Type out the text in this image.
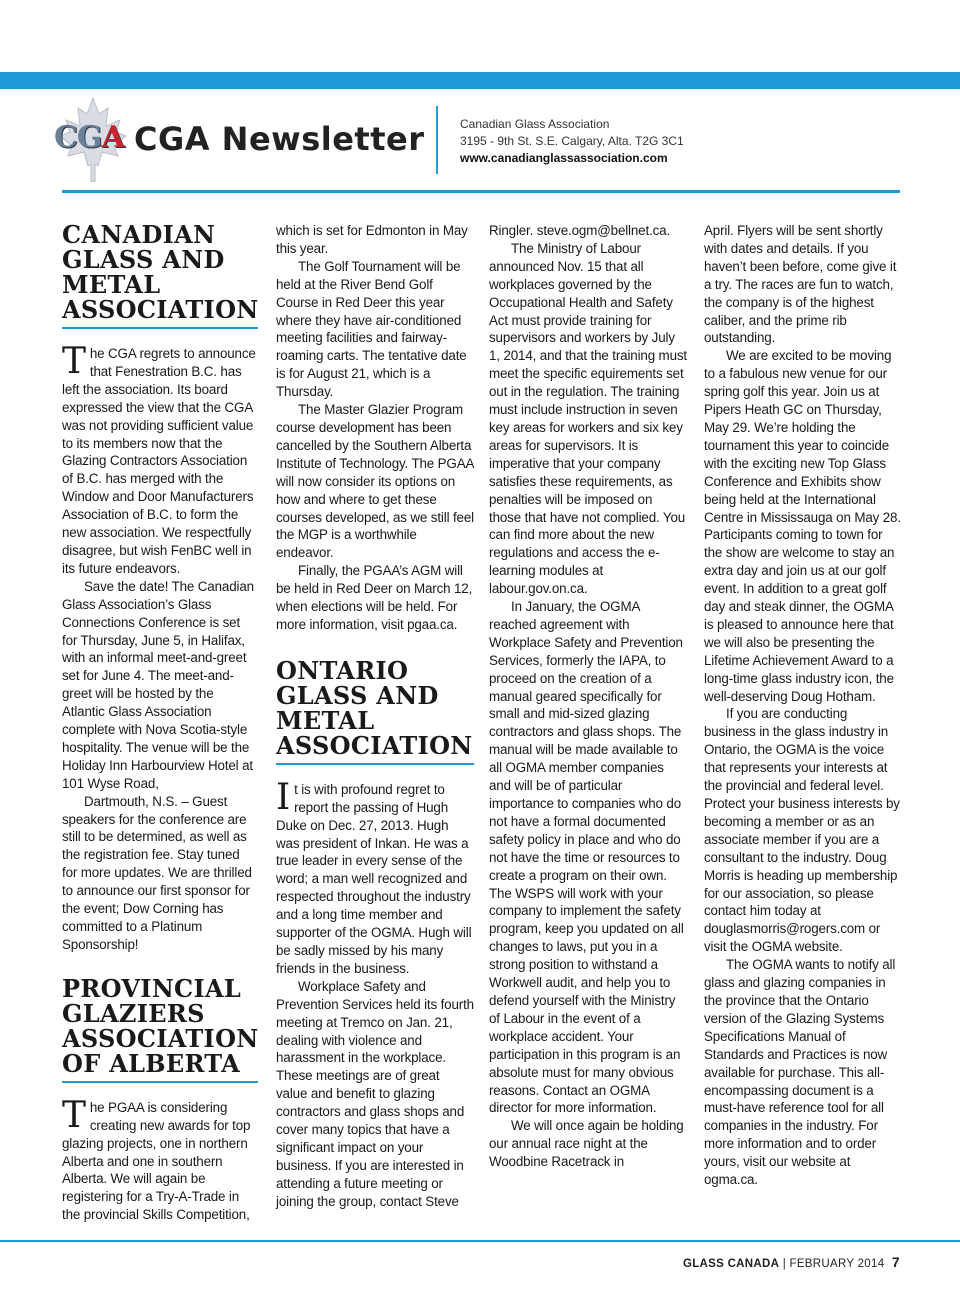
CGA CGA Newsletter	Canadian Glass Association
3195 - 9th St. S.E. Calgary, Alta. T2G 3C1
www.canadianglassassociation.com
CANADIAN GLASS AND METAL ASSOCIATION

The CGA regrets to announce that Fenestration B.C. has left the association. Its board expressed the view that the CGA was not providing sufficient value to its members now that the Glazing Contractors Association of B.C. has merged with the Window and Door Manufacturers Association of B.C. to form the new association. We respectfully disagree, but wish FenBC well in its future endeavors.

Save the date! The Canadian Glass Association’s Glass Connections Conference is set for Thursday, June 5, in Halifax, with an informal meet-and-greet set for June 4. The meet-and-greet will be hosted by the Atlantic Glass Association complete with Nova Scotia-style hospitality. The venue will be the Holiday Inn Harbourview Hotel at 101 Wyse Road,

Dartmouth, N.S. – Guest speakers for the conference are still to be determined, as well as the registration fee. Stay tuned for more updates. We are thrilled to announce our first sponsor for the event; Dow Corning has committed to a Platinum Sponsorship!

PROVINCIAL GLAZIERS ASSOCIATION OF ALBERTA

The PGAA is considering creating new awards for top glazing projects, one in northern Alberta and one in southern Alberta. We will again be registering for a Try-A-Trade in the provincial Skills Competition,

which is set for Edmonton in May this year.

The Golf Tournament will be held at the River Bend Golf Course in Red Deer this year where they have air-conditioned meeting facilities and fairway-roaming carts. The tentative date is for August 21, which is a Thursday.

The Master Glazier Program course development has been cancelled by the Southern Alberta Institute of Technology. The PGAA will now consider its options on how and where to get these courses developed, as we still feel the MGP is a worthwhile endeavor.

Finally, the PGAA’s AGM will be held in Red Deer on March 12, when elections will be held. For more information, visit pgaa.ca.

ONTARIO GLASS AND METAL ASSOCIATION

It is with profound regret to report the passing of Hugh Duke on Dec. 27, 2013. Hugh was president of Inkan. He was a true leader in every sense of the word; a man well recognized and respected throughout the industry and a long time member and supporter of the OGMA. Hugh will be sadly missed by his many friends in the business.

Workplace Safety and Prevention Services held its fourth meeting at Tremco on Jan. 21, dealing with violence and harassment in the workplace. These meetings are of great value and benefit to glazing contractors and glass shops and cover many topics that have a significant impact on your business. If you are interested in attending a future meeting or joining the group, contact Steve

Ringler. steve.ogm@bellnet.ca.

The Ministry of Labour announced Nov. 15 that all workplaces governed by the Occupational Health and Safety Act must provide training for supervisors and workers by July 1, 2014, and that the training must meet the specific equirements set out in the regulation. The training must include instruction in seven key areas for workers and six key areas for supervisors. It is imperative that your company satisfies these requirements, as penalties will be imposed on those that have not complied. You can find more about the new regulations and access the e-learning modules at labour.gov.on.ca.

In January, the OGMA reached agreement with Workplace Safety and Prevention Services, formerly the IAPA, to proceed on the creation of a manual geared specifically for small and mid-sized glazing contractors and glass shops. The manual will be made available to all OGMA member companies and will be of particular importance to companies who do not have a formal documented safety policy in place and who do not have the time or resources to create a program on their own. The WSPS will work with your company to implement the safety program, keep you updated on all changes to laws, put you in a strong position to withstand a Workwell audit, and help you to defend yourself with the Ministry of Labour in the event of a workplace accident. Your participation in this program is an absolute must for many obvious reasons. Contact an OGMA director for more information.

We will once again be holding our annual race night at the Woodbine Racetrack in

April. Flyers will be sent shortly with dates and details. If you haven’t been before, come give it a try. The races are fun to watch, the company is of the highest caliber, and the prime rib outstanding.

We are excited to be moving to a fabulous new venue for our spring golf this year. Join us at Pipers Heath GC on Thursday, May 29. We’re holding the tournament this year to coincide with the exciting new Top Glass Conference and Exhibits show being held at the International Centre in Mississauga on May 28. Participants coming to town for the show are welcome to stay an extra day and join us at our golf event. In addition to a great golf day and steak dinner, the OGMA is pleased to announce here that we will also be presenting the Lifetime Achievement Award to a long-time glass industry icon, the well-deserving Doug Hotham.

If you are conducting business in the glass industry in Ontario, the OGMA is the voice that represents your interests at the provincial and federal level. Protect your business interests by becoming a member or as an associate member if you are a consultant to the industry. Doug Morris is heading up membership for our association, so please contact him today at douglasmorris@rogers.com or visit the OGMA website.

The OGMA wants to notify all glass and glazing companies in the province that the Ontario version of the Glazing Systems Specifications Manual of Standards and Practices is now available for purchase. This all-encompassing document is a must-have reference tool for all companies in the industry. For more information and to order yours, visit our website at ogma.ca.

GLASS CANADA | FEBRUARY 2014 7
